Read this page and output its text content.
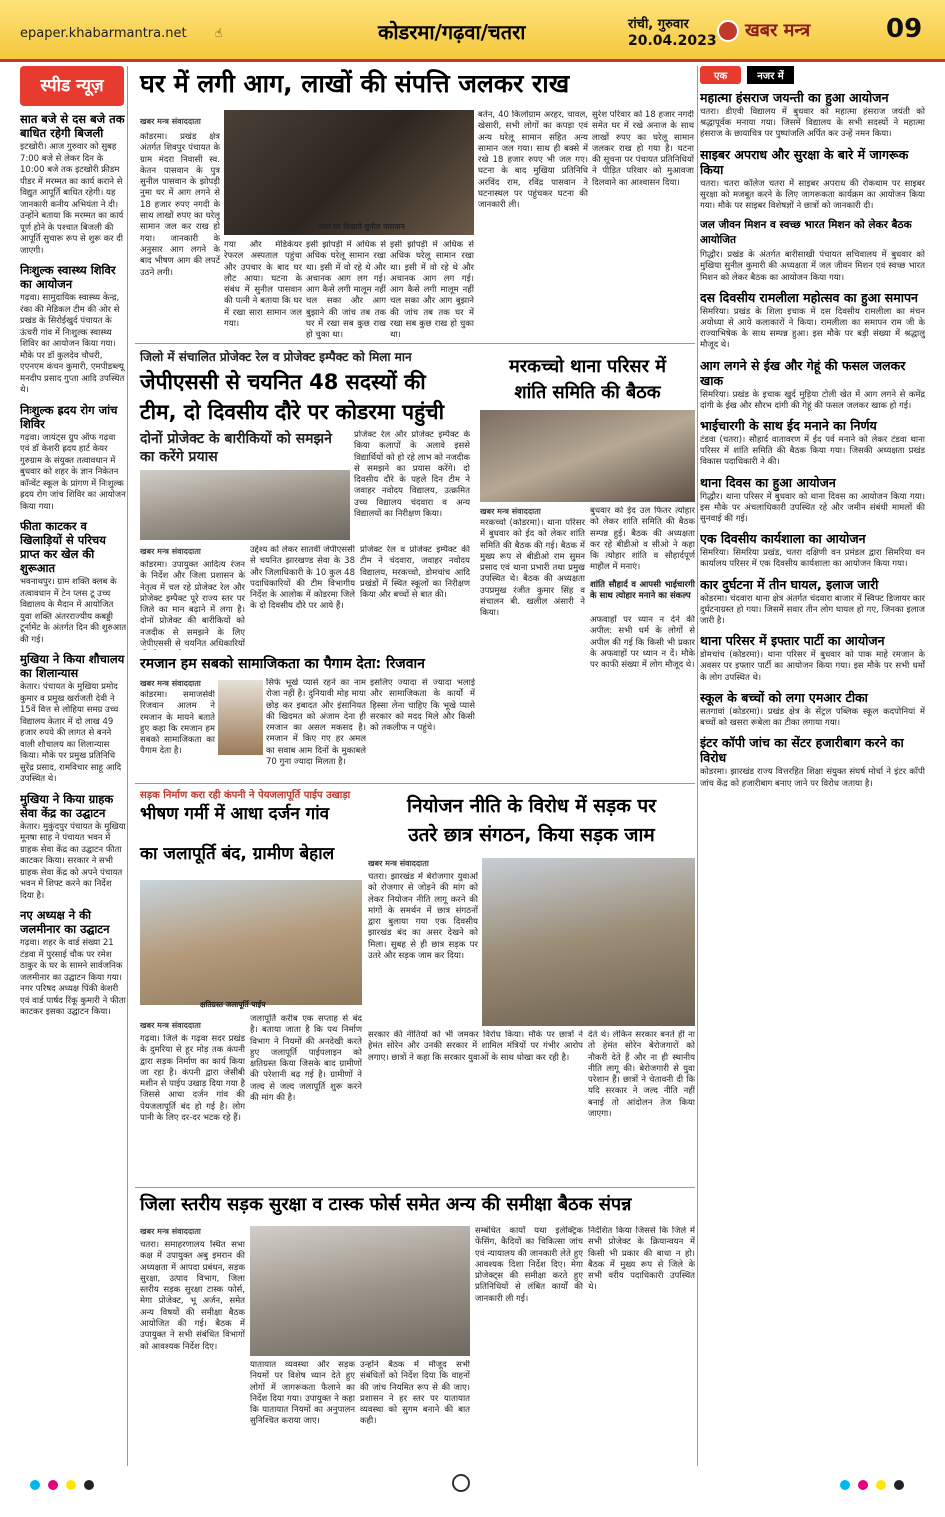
epaper.khabarmantra.net ☝	कोडरमा/गढ़वा/चतरा	रांची, गुरुवार
20.04.2023 खबर मन्त्र	09
स्पीड न्यूज़
सात बजे से दस बजे तक बाधित रहेगी बिजली
इटखोरी। आज गुरुवार को सुबह 7:00 बजे से लेकर दिन के 10:00 बजे तक इटखोरी फ्रीडम पीडर में मरम्मत का कार्य कराने से विद्युत आपूर्ति बाधित रहेगी। यह जानकारी कनीय अभियंता ने दी। उन्होंने बताया कि मरम्मत का कार्य पूर्ण होने के पश्चात बिजली की आपूर्ति सुचारू रूप से शुरू कर दी जाएगी।
निःशुल्क स्वास्थ्य शिविर का आयोजन
गढ़वा। सामुदायिक स्वास्थ्य केन्द्र, रंका की मेडिकल टीम की ओर से प्रखंड के सिरोईखुर्द पंचायत के ऊंचरी गांव में निःशुल्क स्वास्थ्य शिविर का आयोजन किया गया। मौके पर डॉ कुलदेव चौधरी, एएनएम कंचन कुमारी, एमपीडब्ल्यू मनदीप प्रसाद गुप्ता आदि उपस्थित थे।
निःशुल्क ह्रदय रोग जांच शिविर
गढ़वा। जायंट्स ग्रुप ऑफ गढ़वा एवं डॉ केशरी ह्रदय हार्ट केयर गुरुग्राम के संयुक्त तत्वावधान में बुधवार को शहर के ज्ञान निकेतन कॉन्वेंट स्कूल के प्रांगण में निःशुल्क ह्रदय रोग जांच शिविर का आयोजन किया गया।
फीता काटकर व खिलाड़ियों से परिचय प्राप्त कर खेल की शुरूआत
भवनाथपुर। ग्राम शक्ति क्लब के तत्वावधान में टेन प्लस टू उच्च विद्यालय के मैदान में आयोजित युवा शक्ति अंतरराज्यीय कबड्डी टूर्नामेंट के अंतर्गत दिन की शुरुआत की गई।
मुखिया ने किया शौचालय का शिलान्यास
केतार। पंचायत के मुखिया प्रमोद कुमार व प्रमुख खर्राजती देवी ने 15वें वित्त से लोहिया समग्र उच्च विद्यालय केतार में दो लाख 49 हजार रुपये की लागत से बनने वाली शौचालय का शिलान्यास किया। मौके पर प्रमुख प्रतिनिधि सुरेंद्र प्रसाद, रामविचार साहू आदि उपस्थित थे।
मुखिया ने किया ग्राहक सेवा केंद्र का उद्घाटन
केतार। मुकुंदपुर पंचायत के मुखिया मूनषा साह ने पंचायत भवन में ग्राहक सेवा केंद्र का उद्घाटन फीता काटकर किया। सरकार ने सभी ग्राहक सेवा केंद्र को अपने पंचायत भवन में शिफ्ट करने का निर्देश दिया है।
नए अध्यक्ष ने की जलमीनार का उद्घाटन
गढ़वा। शहर के वार्ड संख्या 21 टंडवा में पुरसाई चौक पर रमेश ठाकुर के घर के सामने सार्वजनिक जलमीनार का उद्घाटन किया गया। नगर परिषद अध्यक्ष पिंकी केशरी एवं वार्ड पार्षद रिंकू कुमारी ने फीता काटकर इसका उद्घाटन किया।
घर में लगी आग, लाखों की संपत्ति जलकर राख
खबर मन्त्र संवाददाता
कोडरमा। प्रखंड क्षेत्र अंतर्गत शिवपुर पंचायत के ग्राम मंदरा निवासी स्व. केतन पासवान के पुत्र सुनील पासवान के झोपड़ी नुमा घर में आग लगने से 18 हजार रुपए नगदी के साथ लाखों रुपए का घरेलू सामान जल कर राख हो गया। जानकारी के अनुसार आग लगने के बाद भीषण आग की लपटें उठने लगी।
जला घर दिखाते सुनील पासवान
गया और मेडिकेयर रेफरल अस्पताल पहुंचा और उपचार के बाद घर लौट आया। घटना के संबंध में सुनील पासवान की पत्नी ने बताया कि घर में रखा सारा सामान जल गया।
इसी झोपड़ी में अधिक से अधिक घरेलू सामान रखा था। इसी में वो रहे थे और अचानक आग लग गई। आग कैसे लगी मालूम नहीं चल सका और आग बुझाने की जांच तब तक घर में रखा सब कुछ राख हो चुका था।
इसी झोपड़ी में अधिक से अधिक घरेलू सामान रखा था। इसी में वो रहे थे और अचानक आग लग गई। आग कैसे लगी मालूम नहीं चल सका और आग बुझाने की जांच तब तक घर में रखा सब कुछ राख हो चुका था।
बर्तन, 40 किलोग्राम अरहर, चावल, खेसारी, सभी लोगों का कपड़ा एवं अन्य घरेलू सामान सहित अन्य सामान जल गया। साथ ही बक्से में रखे 18 हजार रुपए भी जल गए। घटना के बाद मुखिया प्रतिनिधि अरविंद राम, रविंद्र पासवान ने घटनास्थल पर पहुंचकर घटना की जानकारी ली।
सुरेश परिवार को 18 हजार नगदी समेत घर में रखे अनाज के साथ लाखों रुपए का घरेलू सामान जलकर राख हो गया है। घटना की सूचना पर पंचायत प्रतिनिधियों ने पीड़ित परिवार को मुआवजा दिलवाने का आश्वासन दिया।
जिलो में संचालित प्रोजेक्ट रेल व प्रोजेक्ट इम्पैक्ट को मिला मान
जेपीएससी से चयनित 48 सदस्यों की
टीम, दो दिवसीय दौरे पर कोडरमा पहुंची
दोनों प्रोजेक्ट के बारीकियों को समझने का करेंगे प्रयास
प्रोजेक्ट रेल और प्रोजेक्ट इम्पैक्ट के किया कलापों के अलावे इससे विद्यार्थियों को हो रहे लाभ को नजदीक से समझने का प्रयास करेंगे। दो दिवसीय दौरे के पहले दिन टीम ने जवाहर नवोदय विद्यालय, उत्क्रमित उच्च विद्यालय चंदवारा व अन्य विद्यालयों का निरीक्षण किया।
खबर मन्त्र संवाददाता
कोडरमा। उपायुक्त आदित्य रंजन के निर्देश और जिला प्रशासन के नेतृत्व में चल रहे प्रोजेक्ट रेल और प्रोजेक्ट इम्पैक्ट पूरे राज्य स्तर पर जिले का मान बढ़ाने में लगा है। दोनों प्रोजेक्ट की बारीकियों को नजदीक से समझने के लिए जेपीएससी से चयनित अधिकारियों
उद्देश्य को लेकर सातवीं जेपीएससी से चयनित झारखण्ड सेवा के 38 और जिलाधिकारी के 10 कुल 48 पदाधिकारियों की टीम विभागीय निर्देश के आलोक में कोडरमा जिले के दो दिवसीय दौरे पर आये हैं।
प्रोजेक्ट रेल व प्रोजेक्ट इम्पैक्ट की टीम ने चंदवारा, जवाहर नवोदय विद्यालय, मरकच्चो, डोमचांच आदि प्रखंडों में स्थित स्कूलों का निरीक्षण किया और बच्चों से बात की।
मरकच्चो थाना परिसर में
शांति समिति की बैठक
खबर मन्त्र संवाददाता
मरकच्चो (कोडरमा)। थाना परिसर में बुधवार को ईद को लेकर शांति समिति की बैठक की गई। बैठक में मुख्य रूप से बीडीओ राम सुमन प्रसाद एवं थाना प्रभारी तथा प्रमुख उपस्थित थे। बैठक की अध्यक्षता उपप्रमुख रंजीत कुमार सिंह व संचालन बी. खलील अंसारी ने किया।
बुधवार को ईद उल फितर त्योहार को लेकर शांति समिति की बैठक सम्पन्न हुई। बैठक की अध्यक्षता कर रहे बीडीओ व सीओ ने कहा कि त्योहार शांति व सौहार्दपूर्ण माहौल में मनाएं।
शांति सौहार्द व आपसी भाईचारगी के साथ त्योहार मनाने का संकल्प
अफवाहों पर ध्यान न देने की अपील: सभी धर्म के लोगों से अपील की गई कि किसी भी प्रकार के अफवाहों पर ध्यान न दें। मौके पर काफी संख्या में लोग मौजूद थे।
रमजान हम सबको सामाजिकता का पैगाम देता: रिजवान
खबर मन्त्र संवाददाता
कोडरमा। समाजसेवी रिजवान आलम ने रमजान के मायने बताते हुए कहा कि रमजान हम सबको सामाजिकता का पैगाम देता है।
सिर्फ भूखे प्यासे रहने का नाम रोजा नहीं है। दुनियावी मोह माया छोड़ कर इबादत और इंसानियत की खिदमत को अंजाम देना ही रमजान का असल मकसद है। रमजान में किए गए हर अमल का सवाब आम दिनों के मुकाबले 70 गुना ज्यादा मिलता है।
इसलिए ज्यादा से ज्यादा भलाई और सामाजिकता के कार्यों में हिस्सा लेना चाहिए कि भूखे प्यासे सरकार को मदद मिले और किसी को तकलीफ न पहुंचे।
सड़क निर्माण करा रही कंपनी ने पेयजलापूर्ति पाईप उखाड़ा
भीषण गर्मी में आधा दर्जन गांव
का जलापूर्ति बंद, ग्रामीण बेहाल
क्षतिग्रस्त जलापूर्ति पाईप
खबर मन्त्र संवाददाता
गढ़वा। जिले के गढ़वा सदर प्रखंड के दुमरिया से हूर मोड़ तक कंपनी द्वारा सड़क निर्माण का कार्य किया जा रहा है। कंपनी द्वारा जेसीबी मशीन से पाईप उखाड़ दिया गया है जिससे आधा दर्जन गांव की पेयजलापूर्ति बंद हो गई है। लोग पानी के लिए दर-दर भटक रहे हैं।
जलापूर्ति करीब एक सप्ताह से बंद है। बताया जाता है कि पथ निर्माण विभाग ने नियमों की अनदेखी करते हुए जलापूर्ति पाईपलाइन को क्षतिग्रस्त किया जिसके बाद ग्रामीणों की परेशानी बढ़ गई है। ग्रामीणों ने जल्द से जल्द जलापूर्ति शुरू करने की मांग की है।
नियोजन नीति के विरोध में सड़क पर
उतरे छात्र संगठन, किया सड़क जाम
खबर मन्त्र संवाददाता
चतरा। झारखंड में बेरोजगार युवाओं को रोजगार से जोड़ने की मांग को लेकर नियोजन नीति लागू करने की मांगों के समर्थन में छात्र संगठनों द्वारा बुलाया गया एक दिवसीय झारखंड बंद का असर देखने को मिला। सुबह से ही छात्र सड़क पर उतरे और सड़क जाम कर दिया।
सरकार की नीतियों को भी जमकर विरोध किया। मौके पर छात्रों ने हेमंत सोरेन और उनकी सरकार में शामिल मंत्रियों पर गंभीर आरोप लगाए। छात्रों ने कहा कि सरकार युवाओं के साथ धोखा कर रही है।
देते थे। लेकिन सरकार बनते ही ना तो हेमंत सोरेन बेरोजगारों को नौकरी देते हैं और ना ही स्थानीय नीति लागू की। बेरोजगारी से युवा परेशान हैं। छात्रों ने चेतावनी दी कि यदि सरकार ने जल्द नीति नहीं बनाई तो आंदोलन तेज किया जाएगा।
जिला स्तरीय सड़क सुरक्षा व टास्क फोर्स समेत अन्य की समीक्षा बैठक संपन्न
खबर मन्त्र संवाददाता
चतरा। समाहरणालय स्थित सभा कक्ष में उपायुक्त अबु इमरान की अध्यक्षता में आपदा प्रबंधन, सड़क सुरक्षा, उत्पाद विभाग, जिला स्तरीय सड़क सुरक्षा टास्क फोर्स, मेगा प्रोजेक्ट, भू अर्जन, समेत अन्य विषयों की समीक्षा बैठक आयोजित की गई। बैठक में उपायुक्त ने सभी संबंधित विभागों को आवश्यक निर्देश दिए।
यातायात व्यवस्था और सड़क नियमों पर विशेष ध्यान देते हुए लोगों में जागरूकता फैलाने का निर्देश दिया गया। उपायुक्त ने कहा कि यातायात नियमों का अनुपालन सुनिश्चित कराया जाए।
उन्होंने बैठक में मौजूद सभी संबंधितों को निर्देश दिया कि वाहनों की जांच नियमित रूप से की जाए। प्रशासन ने हर स्तर पर यातायात व्यवस्था को सुगम बनाने की बात कही।
सम्बंधित कार्यों यथा इलेक्ट्रिक फेंसिंग, कैदियों का चिकित्सा जांच एवं न्यायालय की जानकारी लेते हुए आवश्यक दिशा निर्देश दिए। मेगा प्रोजेक्ट्स की समीक्षा करते हुए प्रतिनिधियों से लंबित कार्यों की जानकारी ली गई।
निर्देशित किया जिससे कि जिले में सभी प्रोजेक्ट के क्रियान्वयन में किसी भी प्रकार की बाधा न हो। बैठक में मुख्य रूप से जिले के सभी वरीय पदाधिकारी उपस्थित थे।
एक	नजर में
महात्मा हंसराज जयन्ती का हुआ आयोजन
चतरा। डीएवी विद्यालय में बुधवार को महात्मा हंसराज जयंती को श्रद्धापूर्वक मनाया गया। जिसमें विद्यालय के सभी सदस्यों ने महात्मा हंसराज के छायाचित्र पर पुष्पांजलि अर्पित कर उन्हें नमन किया।
साइबर अपराध और सुरक्षा के बारे में जागरूक किया
चतरा। चतरा कॉलेज चतरा में साइबर अपराध की रोकथाम पर साइबर सुरक्षा को मजबूत करने के लिए जागरूकता कार्यक्रम का आयोजन किया गया। मौके पर साइबर विशेषज्ञों ने छात्रों को जानकारी दी।
जल जीवन मिशन व स्वच्छ भारत मिशन को लेकर बैठक आयोजित
गिद्धौर। प्रखंड के अंतर्गत बारीसाखी पंचायत सचिवालय में बुधवार को मुखिया सुनील कुमारी की अध्यक्षता में जल जीवन मिशन एवं स्वच्छ भारत मिशन को लेकर बैठक का आयोजन किया गया।
दस दिवसीय रामलीला महोत्सव का हुआ समापन
सिमरिया। प्रखंड के शिला इचाक में दस दिवसीय रामलीला का मंचन अयोध्या से आये कलाकारों ने किया। रामलीला का समापन राम जी के राज्याभिषेक के साथ सम्पन्न हुआ। इस मौके पर बड़ी संख्या में श्रद्धालु मौजूद थे।
आग लगने से ईख और गेहूं की फसल जलकर खाक
सिमरिया। प्रखंड के इचाक खुर्द मुड़िया टोली खेत में आग लगने से कमेंद्र दांगी के ईख और सौरभ दांगी की गेहूं की फसल जलकर खाक हो गई।
भाईचारगी के साथ ईद मनाने का निर्णय
टंडवा (चतरा)। सौहार्द वातावरण में ईद पर्व मनाने को लेकर टंडवा थाना परिसर में शांति समिति की बैठक किया गया। जिसकी अध्यक्षता प्रखंड विकास पदाधिकारी ने की।
थाना दिवस का हुआ आयोजन
गिद्धौर। थाना परिसर में बुधवार को थाना दिवस का आयोजन किया गया। इस मौके पर अंचलाधिकारी उपस्थित रहे और जमीन संबंधी मामलों की सुनवाई की गई।
एक दिवसीय कार्यशाला का आयोजन
सिमरिया। सिमरिया प्रखंड, चतरा दक्षिणी वन प्रमंडल द्वारा सिमरिया वन कार्यालय परिसर में एक दिवसीय कार्यशाला का आयोजन किया गया।
कार दुर्घटना में तीन घायल, इलाज जारी
कोडरमा। चंदवारा थाना क्षेत्र अंतर्गत चंदवारा बाजार में स्विफ्ट डिजायर कार दुर्घटनाग्रस्त हो गया। जिसमें सवार तीन लोग घायल हो गए, जिनका इलाज जारी है।
थाना परिसर में इफ्तार पार्टी का आयोजन
डोमचांच (कोडरमा)। थाना परिसर में बुधवार को पाक माहे रमजान के अवसर पर इफ्तार पार्टी का आयोजन किया गया। इस मौके पर सभी धर्मों के लोग उपस्थित थे।
स्कूल के बच्चों को लगा एमआर टीका
सतगावां (कोडरमा)। प्रखंड क्षेत्र के सेंट्रल पब्लिक स्कूल कदपोनियां में बच्चों को खसरा रूबेला का टीका लगाया गया।
इंटर कॉपी जांच का सेंटर हजारीबाग करने का विरोध
कोडरमा। झारखंड राज्य वित्तरहित शिक्षा संयुक्त संघर्ष मोर्चा ने इंटर कॉपी जांच केंद्र को हजारीबाग बनाए जाने पर विरोध जताया है।
